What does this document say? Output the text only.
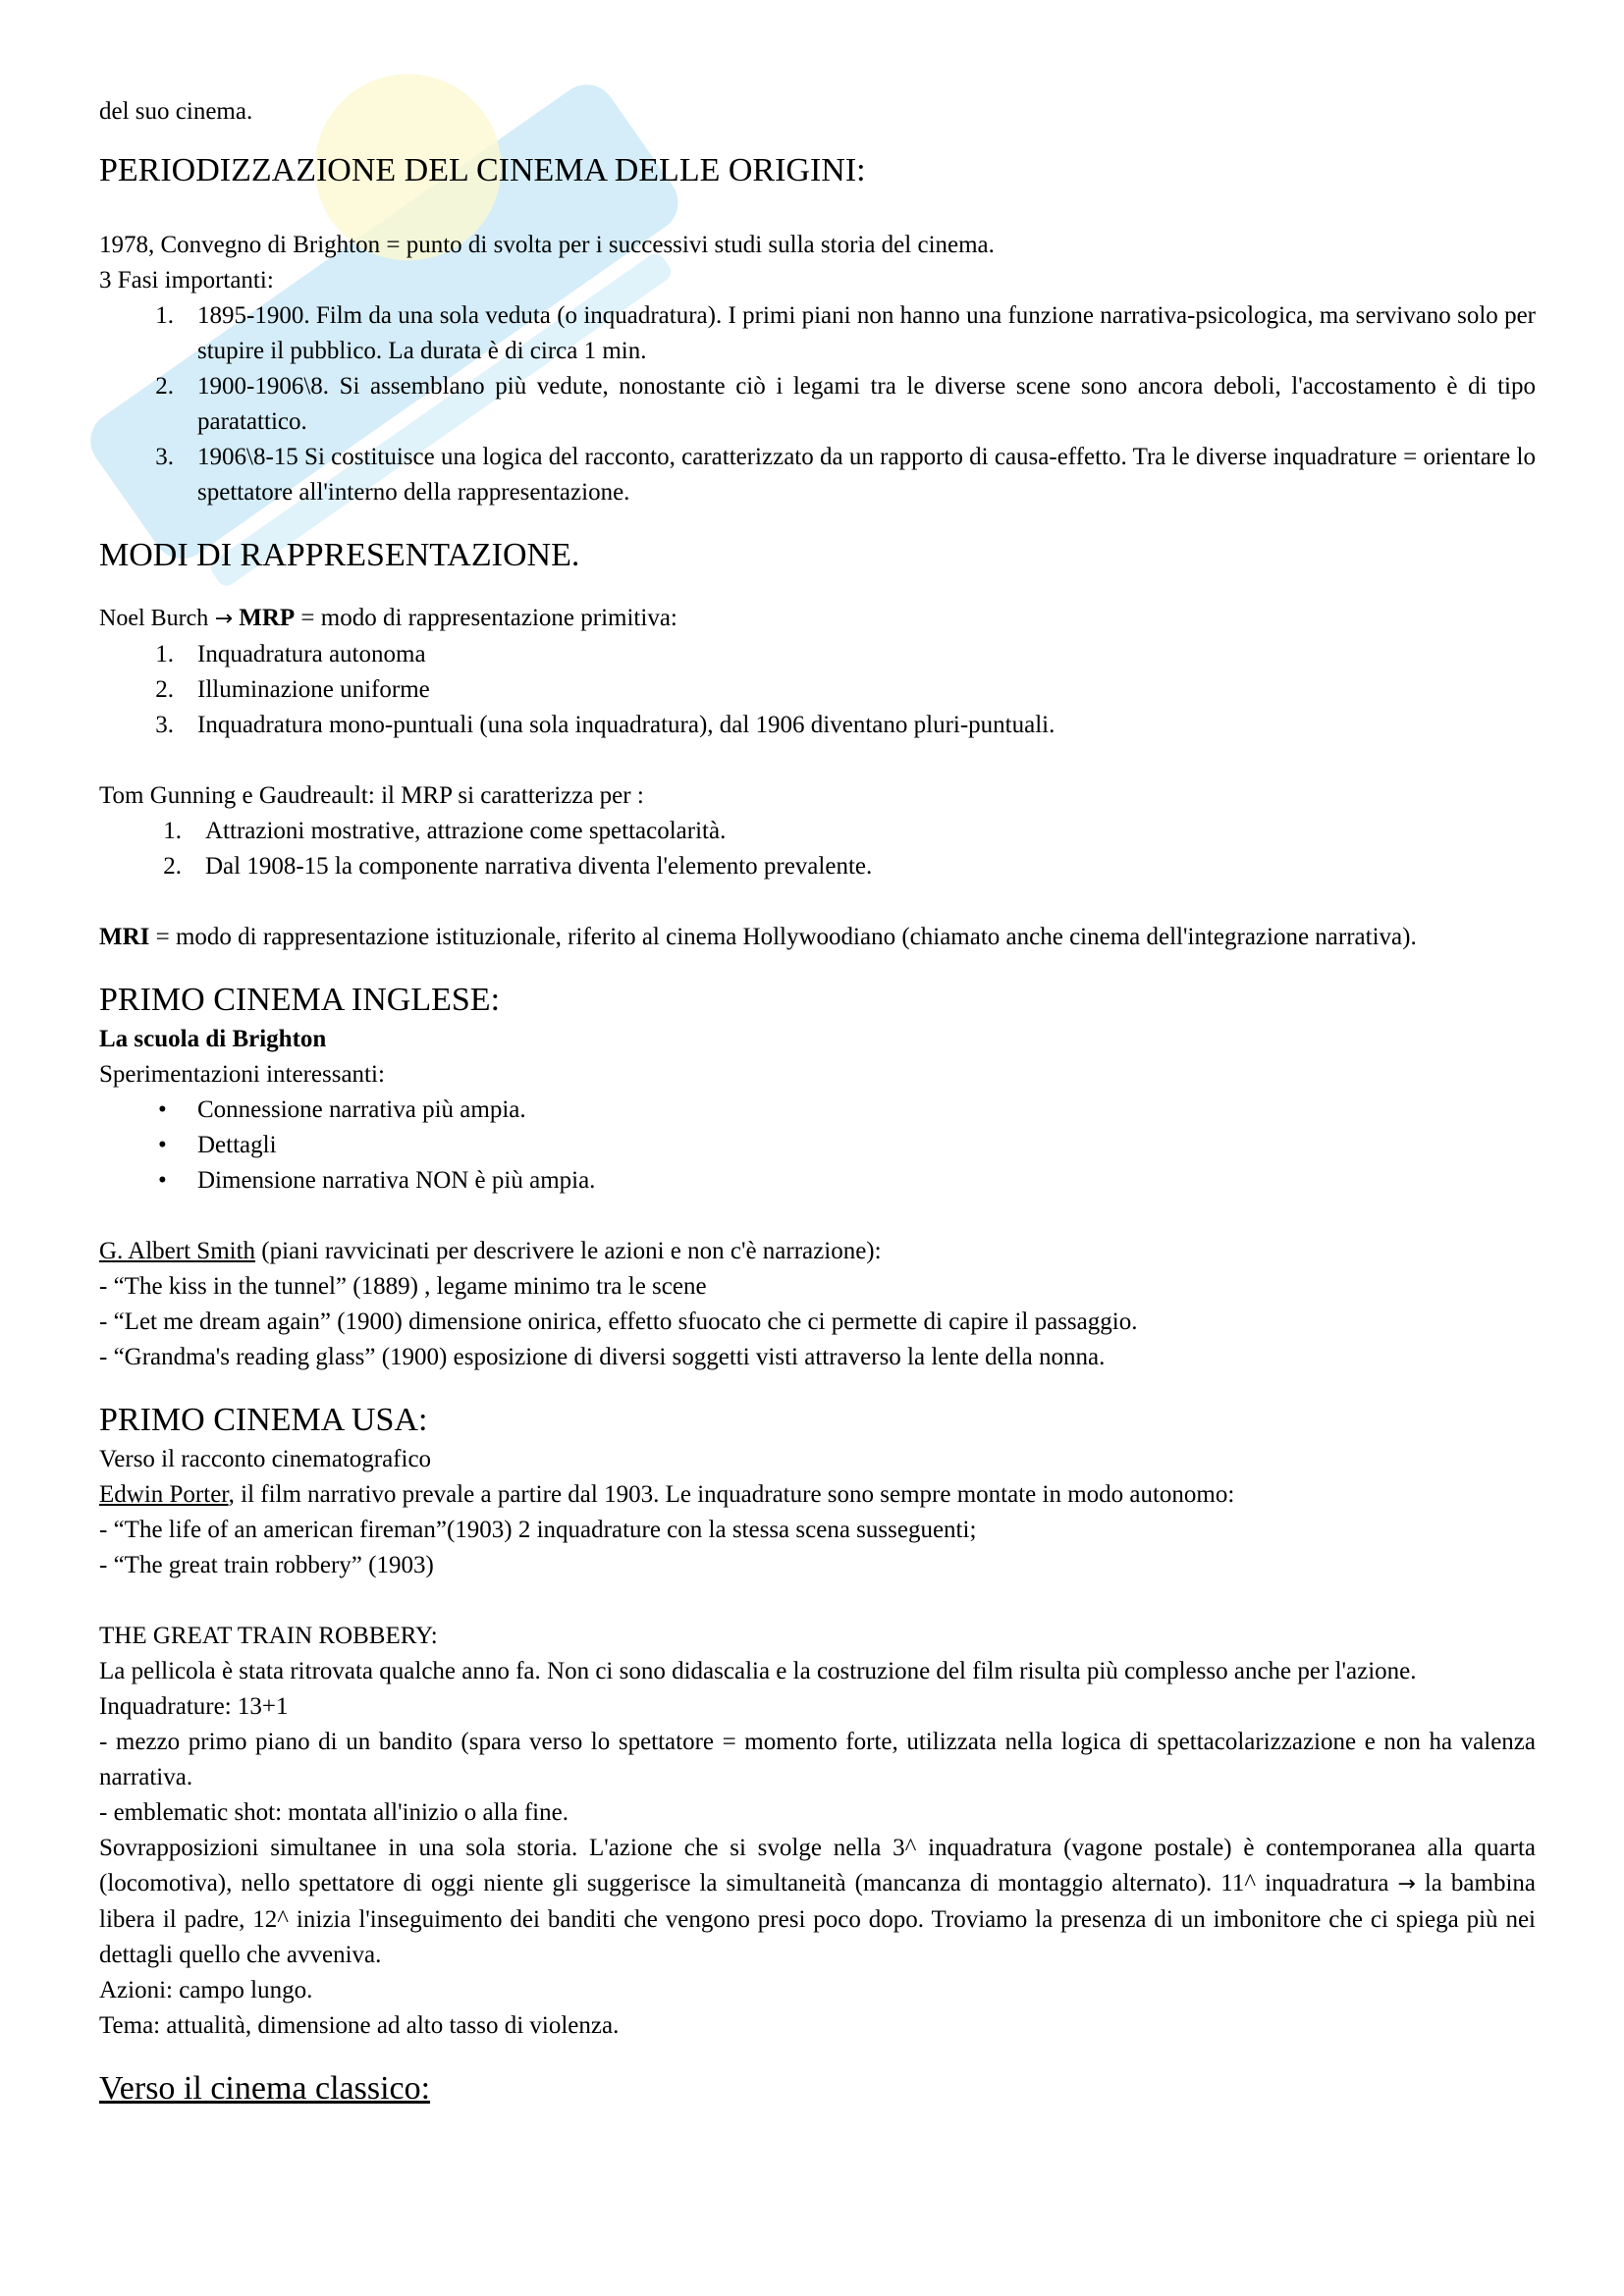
del suo cinema.

PERIODIZZAZIONE DEL CINEMA DELLE ORIGINI:

1978, Convegno di Brighton = punto di svolta per i successivi studi sulla storia del cinema.

3 Fasi importanti:

1. 1895-1900. Film da una sola veduta (o inquadratura). I primi piani non hanno una funzione narrativa-psicologica, ma servivano solo per stupire il pubblico. La durata è di circa 1 min.
2. 1900-1906\8. Si assemblano più vedute, nonostante ciò i legami tra le diverse scene sono ancora deboli, l'accostamento è di tipo paratattico.
3. 1906\8-15 Si costituisce una logica del racconto, caratterizzato da un rapporto di causa-effetto. Tra le diverse inquadrature = orientare lo spettatore all'interno della rappresentazione.
MODI DI RAPPRESENTAZIONE.

Noel Burch → MRP = modo di rappresentazione primitiva:

1. Inquadratura autonoma
2. Illuminazione uniforme
3. Inquadratura mono-puntuali (una sola inquadratura), dal 1906 diventano pluri-puntuali.

Tom Gunning e Gaudreault: il MRP si caratterizza per :

1. Attrazioni mostrative, attrazione come spettacolarità.
2. Dal 1908-15 la componente narrativa diventa l'elemento prevalente.

MRI = modo di rappresentazione istituzionale, riferito al cinema Hollywoodiano (chiamato anche cinema dell'integrazione narrativa).

PRIMO CINEMA INGLESE:

La scuola di Brighton

Sperimentazioni interessanti:

• Connessione narrativa più ampia.
• Dettagli
• Dimensione narrativa NON è più ampia.

G. Albert Smith (piani ravvicinati per descrivere le azioni e non c'è narrazione):

- “The kiss in the tunnel” (1889) , legame minimo tra le scene

- “Let me dream again” (1900) dimensione onirica, effetto sfuocato che ci permette di capire il passaggio.

- “Grandma's reading glass” (1900) esposizione di diversi soggetti visti attraverso la lente della nonna.

PRIMO CINEMA USA:

Verso il racconto cinematografico

Edwin Porter, il film narrativo prevale a partire dal 1903. Le inquadrature sono sempre montate in modo autonomo:

- “The life of an american fireman”(1903) 2 inquadrature con la stessa scena susseguenti;

- “The great train robbery” (1903)

THE GREAT TRAIN ROBBERY:

La pellicola è stata ritrovata qualche anno fa. Non ci sono didascalia e la costruzione del film risulta più complesso anche per l'azione.

Inquadrature: 13+1

- mezzo primo piano di un bandito (spara verso lo spettatore = momento forte, utilizzata nella logica di spettacolarizzazione e non ha valenza narrativa.

- emblematic shot: montata all'inizio o alla fine.

Sovrapposizioni simultanee in una sola storia. L'azione che si svolge nella 3^ inquadratura (vagone postale) è contemporanea alla quarta (locomotiva), nello spettatore di oggi niente gli suggerisce la simultaneità (mancanza di montaggio alternato). 11^ inquadratura → la bambina libera il padre, 12^ inizia l'inseguimento dei banditi che vengono presi poco dopo. Troviamo la presenza di un imbonitore che ci spiega più nei dettagli quello che avveniva.

Azioni: campo lungo.

Tema: attualità, dimensione ad alto tasso di violenza.

Verso il cinema classico:
